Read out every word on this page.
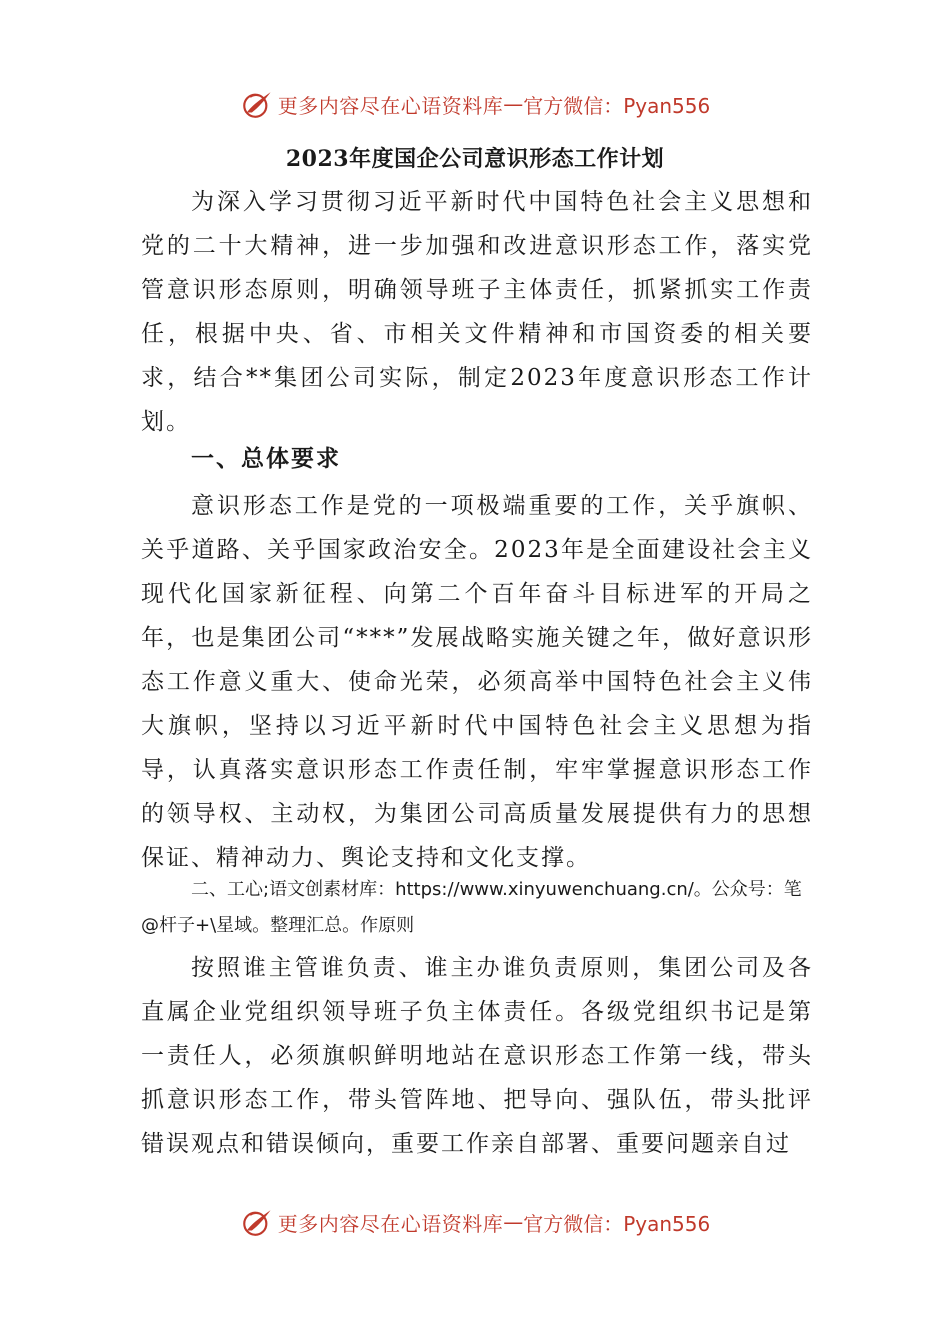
更多内容尽在心语资料库 — 官方微信：Pyan556
2023年度国企公司意识形态工作计划

为深入学习贯彻习近平新时代中国特色社会主义思想和党的二十大精神，进一步加强和改进意识形态工作，落实党管意识形态原则，明确领导班子主体责任，抓紧抓实工作责任，根据中央、省、市相关文件精神和市国资委的相关要求，结合**集团公司实际，制定2023年度意识形态工作计划。

一、总体要求

意识形态工作是党的一项极端重要的工作，关乎旗帜、关乎道路、关乎国家政治安全。2023年是全面建设社会主义现代化国家新征程、向第二个百年奋斗目标进军的开局之年，也是集团公司“***”发展战略实施关键之年，做好意识形态工作意义重大、使命光荣，必须高举中国特色社会主义伟大旗帜，坚持以习近平新时代中国特色社会主义思想为指导，认真落实意识形态工作责任制，牢牢掌握意识形态工作的领导权、主动权，为集团公司高质量发展提供有力的思想保证、精神动力、舆论支持和文化支撑。

二、工心;语文创素材库：https://www.xinyuwenchuang.cn/。公众号：笔@杆子+\星域。整理汇总。作原则

按照谁主管谁负责、谁主办谁负责原则，集团公司及各直属企业党组织领导班子负主体责任。各级党组织书记是第一责任人，必须旗帜鲜明地站在意识形态工作第一线，带头抓意识形态工作，带头管阵地、把导向、强队伍，带头批评错误观点和错误倾向，重要工作亲自部署、重要问题亲自过

更多内容尽在心语资料库 — 官方微信：Pyan556
